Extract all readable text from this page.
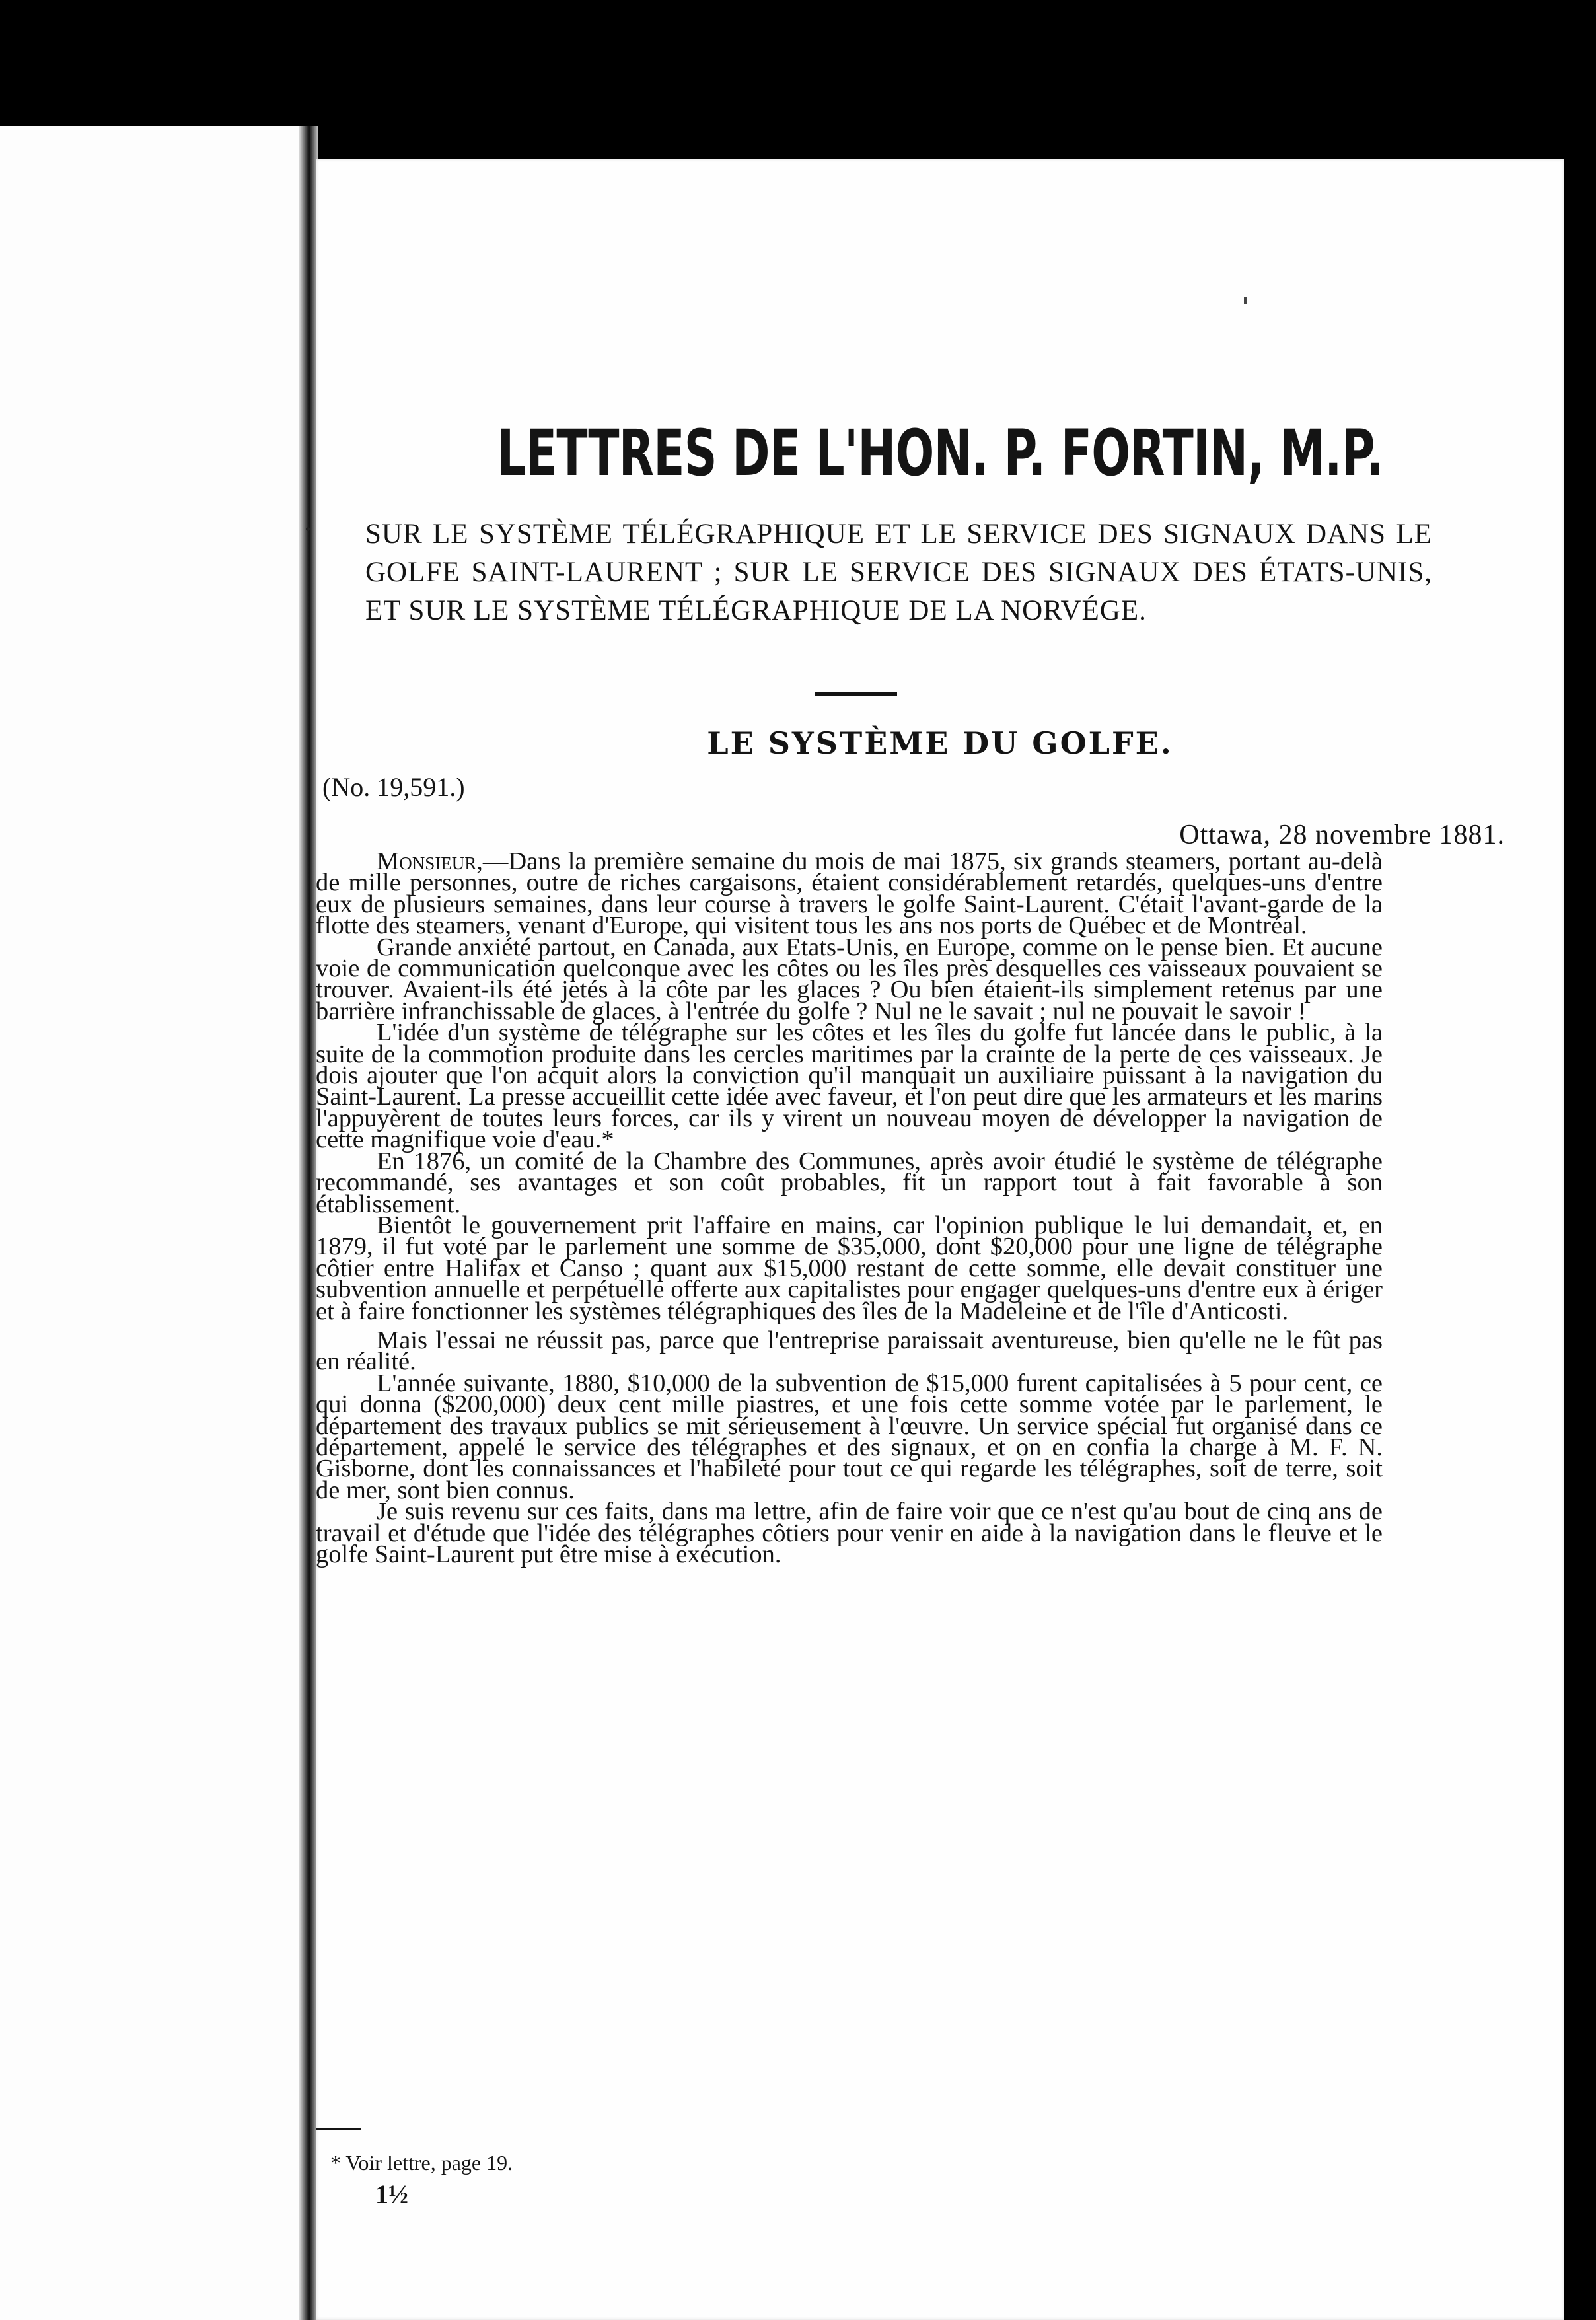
LETTRES DE L'HON. P. FORTIN, M.P.
SUR LE SYSTÈME TÉLÉGRAPHIQUE ET LE SERVICE DES SIGNAUX DANS LE GOLFE SAINT-LAURENT ; SUR LE SERVICE DES SIGNAUX DES ÉTATS-UNIS, ET SUR LE SYSTÈME TÉLÉGRAPHIQUE DE LA NORVÉGE.
LE SYSTÈME DU GOLFE.
(No. 19,591.)
Ottawa, 28 novembre 1881.

Monsieur,—Dans la première semaine du mois de mai 1875, six grands steamers, portant au-delà de mille personnes, outre de riches cargaisons, étaient considérablement retardés, quelques-uns d'entre eux de plusieurs semaines, dans leur course à travers le golfe Saint-Laurent. C'était l'avant-garde de la flotte des steamers, venant d'Europe, qui visitent tous les ans nos ports de Québec et de Montréal.

Grande anxiété partout, en Canada, aux Etats-Unis, en Europe, comme on le pense bien. Et aucune voie de communication quelconque avec les côtes ou les îles près desquelles ces vaisseaux pouvaient se trouver. Avaient-ils été jetés à la côte par les glaces ? Ou bien étaient-ils simplement retenus par une barrière infranchissable de glaces, à l'entrée du golfe ? Nul ne le savait ; nul ne pouvait le savoir !

L'idée d'un système de télégraphe sur les côtes et les îles du golfe fut lancée dans le public, à la suite de la commotion produite dans les cercles maritimes par la crainte de la perte de ces vaisseaux. Je dois ajouter que l'on acquit alors la conviction qu'il manquait un auxiliaire puissant à la navigation du Saint-Laurent. La presse accueillit cette idée avec faveur, et l'on peut dire que les armateurs et les marins l'appuyèrent de toutes leurs forces, car ils y virent un nouveau moyen de développer la navigation de cette magnifique voie d'eau.*

En 1876, un comité de la Chambre des Communes, après avoir étudié le système de télégraphe recommandé, ses avantages et son coût probables, fit un rapport tout à fait favorable à son établissement.

Bientôt le gouvernement prit l'affaire en mains, car l'opinion publique le lui demandait, et, en 1879, il fut voté par le parlement une somme de $35,000, dont $20,000 pour une ligne de télégraphe côtier entre Halifax et Canso ; quant aux $15,000 restant de cette somme, elle devait constituer une subvention annuelle et perpétuelle offerte aux capitalistes pour engager quelques-uns d'entre eux à ériger et à faire fonctionner les systèmes télégraphiques des îles de la Madeleine et de l'île d'Anticosti.

Mais l'essai ne réussit pas, parce que l'entreprise paraissait aventureuse, bien qu'elle ne le fût pas en réalité.

L'année suivante, 1880, $10,000 de la subvention de $15,000 furent capitalisées à 5 pour cent, ce qui donna ($200,000) deux cent mille piastres, et une fois cette somme votée par le parlement, le département des travaux publics se mit sérieusement à l'œuvre. Un service spécial fut organisé dans ce département, appelé le service des télégraphes et des signaux, et on en confia la charge à M. F. N. Gisborne, dont les connaissances et l'habileté pour tout ce qui regarde les télégraphes, soit de terre, soit de mer, sont bien connus.

Je suis revenu sur ces faits, dans ma lettre, afin de faire voir que ce n'est qu'au bout de cinq ans de travail et d'étude que l'idée des télégraphes côtiers pour venir en aide à la navigation dans le fleuve et le golfe Saint-Laurent put être mise à exécution.

* Voir lettre, page 19.
1½
